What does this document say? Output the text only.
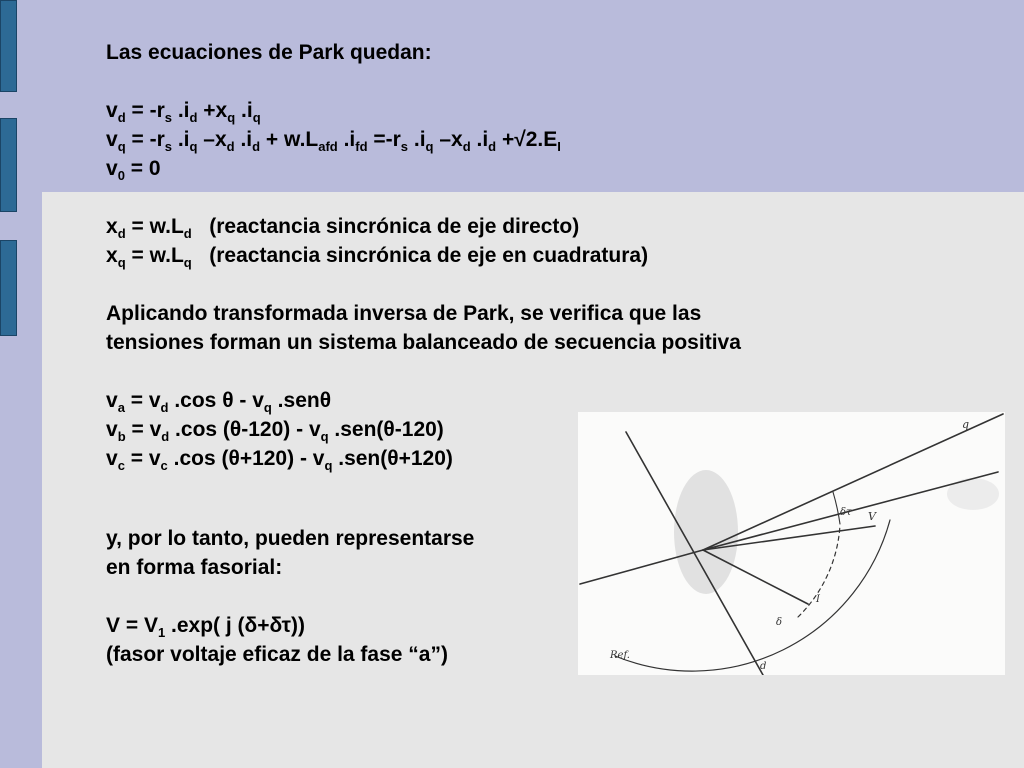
Las ecuaciones de Park quedan:

$v_d = -r_s$ $.i_d +x_q$ $.i_q$

$v_q = -r_s$ $.i_q$ $-x_d$ $.i_d + w.L_{afd}$ $.i_{fd} =-r_s$ $.i_q$ $-x_d$ $.i_d +√2.E_I$

$v_0 = 0$

$x_d = w.L_d$   (reactancia sincrónica de eje directo)

$x_q = w.L_q$   (reactancia sincrónica de eje en cuadratura)

Aplicando transformada inversa de Park, se verifica que las

tensiones forman un sistema balanceado de secuencia positiva

$v_a = v_d$ .cos θ - $v_q$ .senθ

$v_b = v_d$ .cos $(\theta-120) - v_q$ .sen(θ-120)

$v_c = v_c$ .cos $(\theta+120) - v_q$ .sen(θ+120)

y, por lo tanto, pueden representarse

en forma fasorial:

$V = V_1$ .exp( j (δ+δτ))

(fasor voltaje eficaz de la fase “a”)

q
V
δτ
I
δ
Ref.
d
